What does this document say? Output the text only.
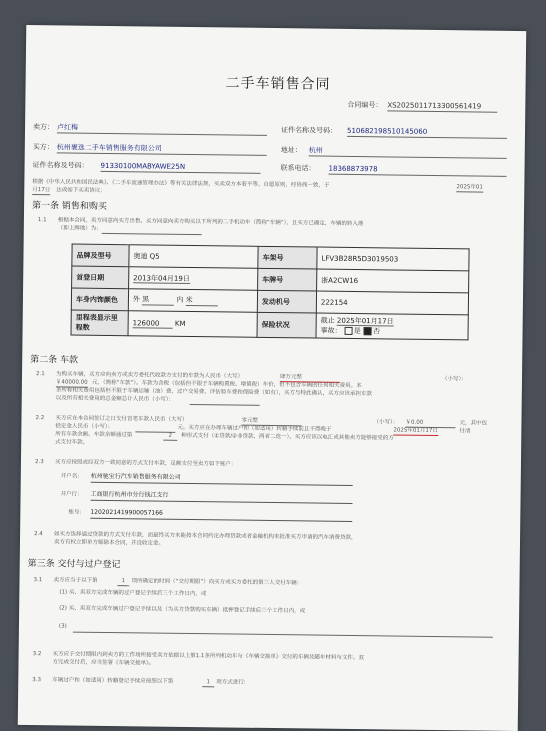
二手车销售合同
合同编号： XS20250117133005614​19
卖方： 卢红梅	证件名称及号码： 510682198510145060
买方： 杭州裹选二手车销售服务有限公司	地址： 杭州
证件名称及号码： 91330100MABYAWE25N	联系电话： 18368873978
根据《中华人民共和国民法典》、《二手车流通管理办法》等有关法律法规，买卖双方本着平等、自愿原则，经协商一致，于	2025年01
月17日 达成如下买卖协议：
第一条 销售和购买
1.1 根据本合同，卖方同意向买方出售、买方同意向卖方购买以下所列的二手机动车（简称“车辆”），且买方已确定，车辆的转入地
（即上牌地）为：
品牌及型号	奥迪 Q5	车架号	LFV3B28R5D3019503
首登日期	2013年04月19日	车牌号	浙A2CW16
车身内饰颜色	外 黑 内 米	发动机号	222154
里程表显示里程数	126000 KM	保险状况	截止 2025年01月17日
事故： 是 否
第二条 车款
2.1 为购买车辆，买方应向卖方或卖方委托代收款方支付的车款为人民币（大写）	肆万元整	（小写）：
￥40000.00 元，（简称“车款”）。车款为含税（包括但不限于车辆购置税、增值税）车价，但不包含车辆的任何相关费用。本
条所称相关费用包括但不限于车辆运输（油）费、过户交易费、评估验车费和保险费（如有），买方与特此确认，买方应该承担车款
以及所有相关费用的总金额总计人民币（小写）：
2.2 买方应在本合同签订之日支付首笔车款人民币（大写）	零元整	（小写）： ￥0.00	元，其中包
括定金人民币（小写）：	元。买方应在办理车辆过户和（如适用）转籍手续前且不得晚于	2025年01月17日	付清
所有车款余额。车款余额通过第	2	种形式支付（①贷款/②非贷款，两者二选一）。买方应该以电汇或其他卖方能够接受的方
式支付车款。
2.3 买方应按照或经双方一致同意的方式支付车款，足额支付至卖方如下账户：
开户名： 杭州驰宝行汽车销售服务有限公司
开户行： 工商银行杭州市分行钱江支行
账号： 1202021419900057166
2.4 如买方选择通过贷款的方式支付车款，而最终买方未能按本合同约定办理贷款或者金融机构未批准买方申请的汽车消费贷款，
卖方有权立即单方解除本合同，并没收定金。
第三条 交付与过户登记
3.1 卖方应当于以下第	1	项所确定的时间（“交付期限”）向买方或买方委托的第三人交付车辆：
(1) 买、卖双方完成车辆的过户登记手续后三个工作日内，或
(2) 买、卖双方完成车辆过户登记手续以及（为买方贷款购买车辆）抵押登记手续后三个工作日内，或
(3)
3.2 买方应于交付期限内到卖方的工作场所接受卖方依据以上第1.1条所列机动车与《车辆交接单》交付的车辆及随车材料与文件。双
方完成交付后，应当签署《车辆交接单》。
3.3 车辆过户和（如适用）转籍登记手续应按照以下第	1	项方式进行:
